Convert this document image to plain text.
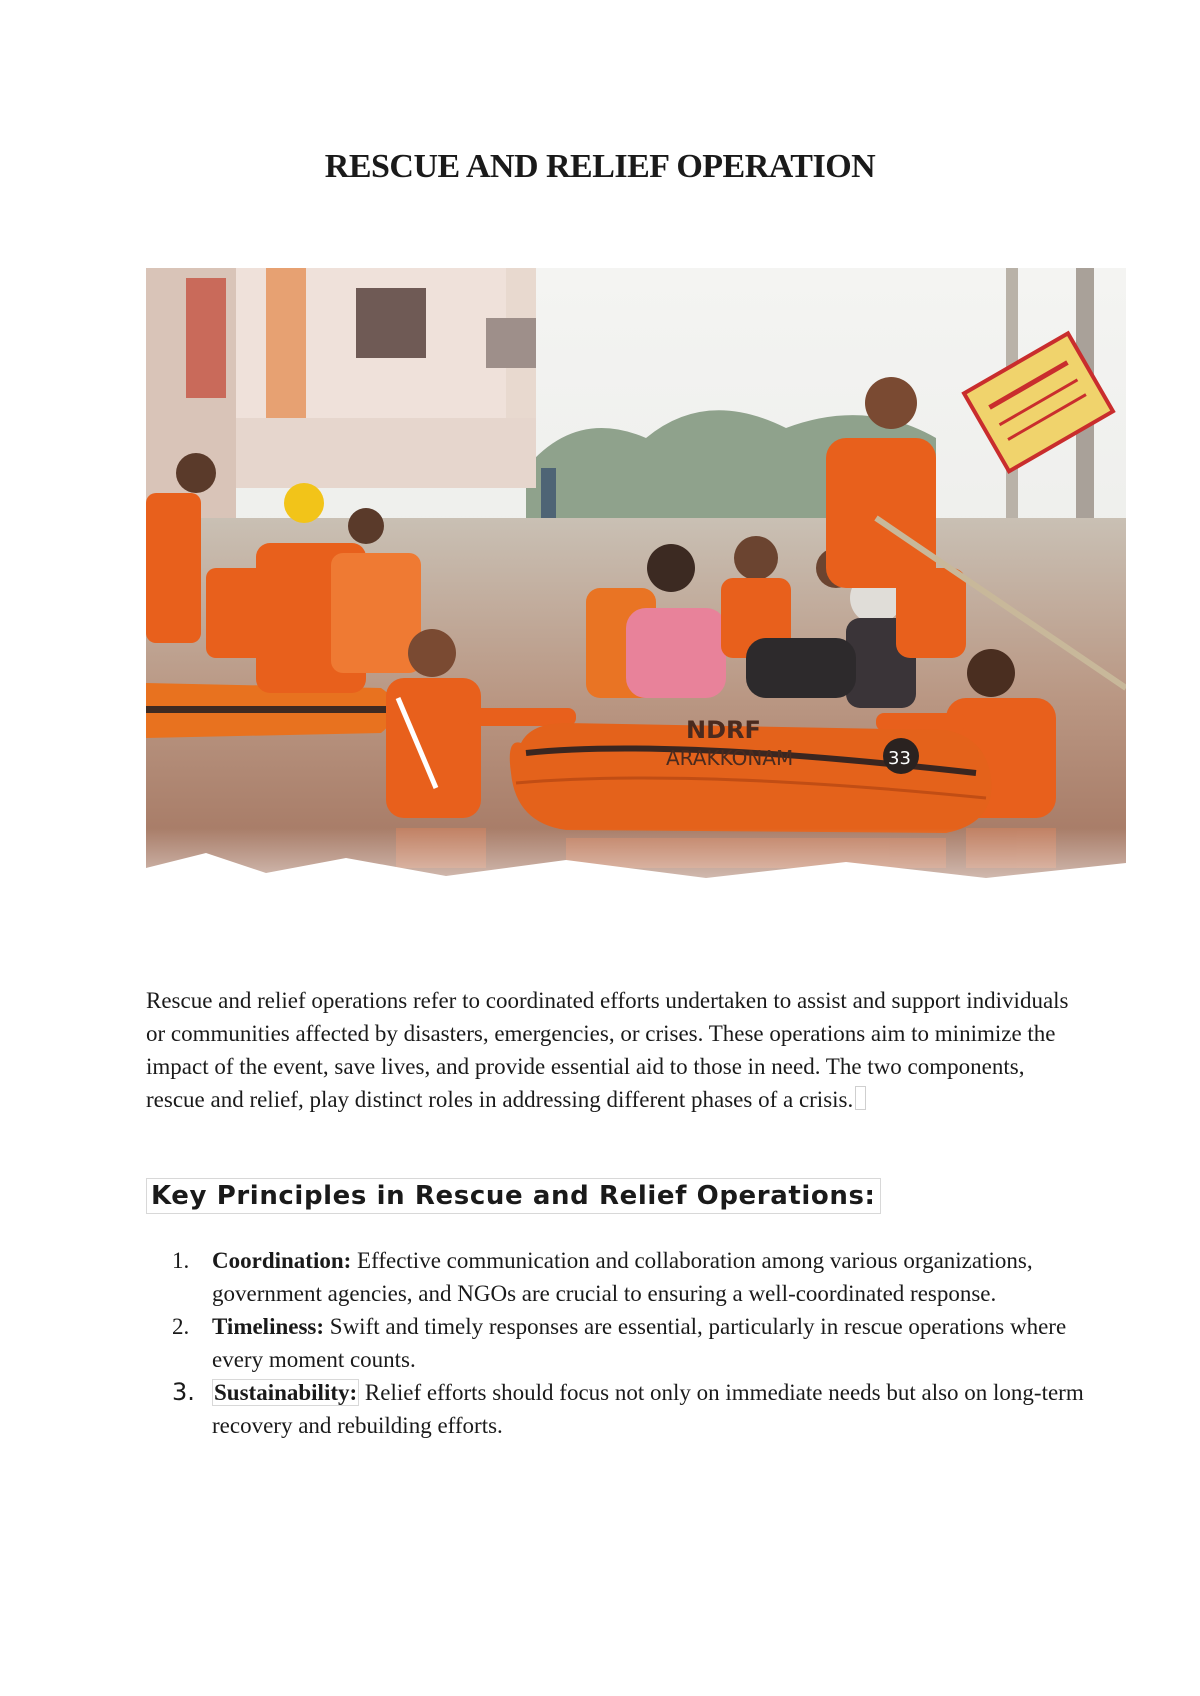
RESCUE AND RELIEF OPERATION
NDRF
ARAKKONAM	33

Rescue and relief operations refer to coordinated efforts undertaken to assist and support individuals or communities affected by disasters, emergencies, or crises. These operations aim to minimize the impact of the event, save lives, and provide essential aid to those in need. The two components, rescue and relief, play distinct roles in addressing different phases of a crisis.

Key Principles in Rescue and Relief Operations:
1. Coordination: Effective communication and collaboration among various organizations, government agencies, and NGOs are crucial to ensuring a well-coordinated response.
2. Timeliness: Swift and timely responses are essential, particularly in rescue operations where every moment counts.
3. Sustainability: Relief efforts should focus not only on immediate needs but also on long-term recovery and rebuilding efforts.
